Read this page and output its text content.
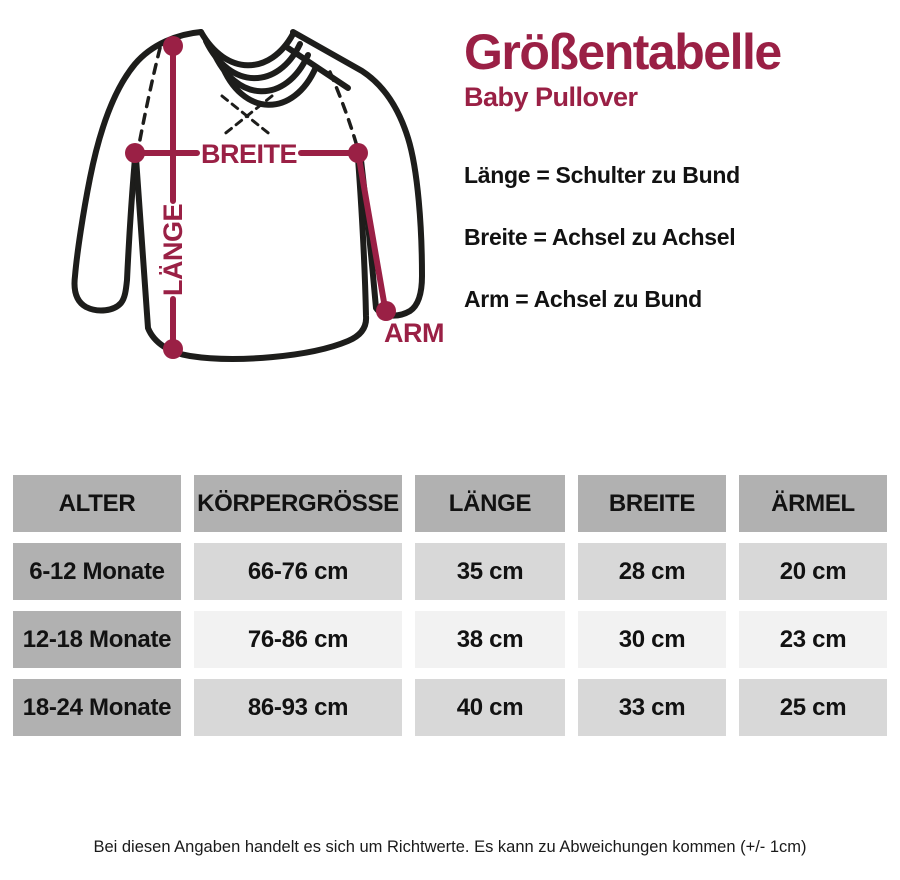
BREITE
LÄNGE
ARM
Größentabelle

Baby Pullover

Länge = Schulter zu Bund

Breite = Achsel zu Achsel

Arm = Achsel zu Bund

ALTER	KÖRPERGRÖSSE	LÄNGE	BREITE	ÄRMEL
6-12 Monate	66-76 cm	35 cm	28 cm	20 cm
12-18 Monate	76-86 cm	38 cm	30 cm	23 cm
18-24 Monate	86-93 cm	40 cm	33 cm	25 cm
Bei diesen Angaben handelt es sich um Richtwerte. Es kann zu Abweichungen kommen (+/- 1cm)
